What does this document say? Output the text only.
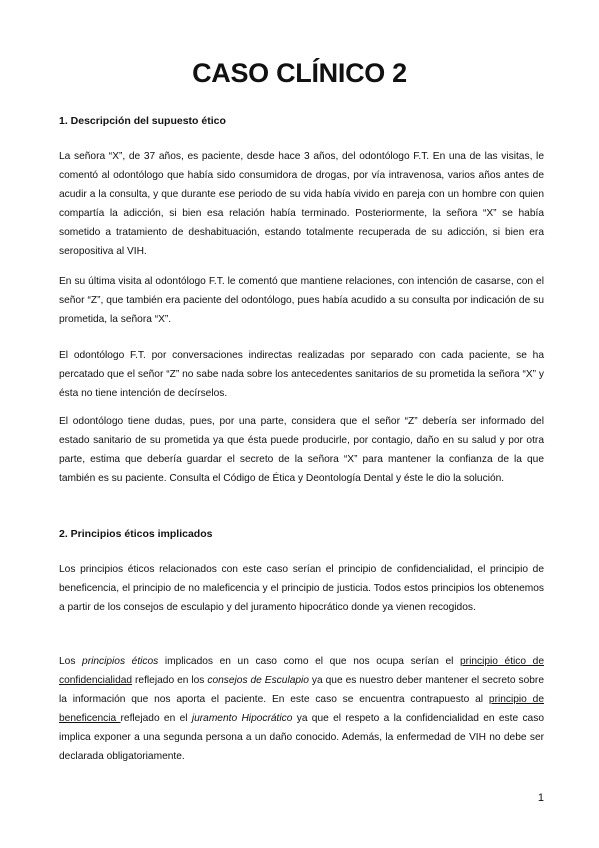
CASO CLÍNICO 2

1. Descripción del supuesto ético

La señora “X”, de 37 años, es paciente, desde hace 3 años, del odontólogo F.T. En una de las visitas, le comentó al odontólogo que había sido consumidora de drogas, por vía intravenosa, varios años antes de acudir a la consulta, y que durante ese periodo de su vida había vivido en pareja con un hombre con quien compartía la adicción, si bien esa relación había terminado. Posteriormente, la señora “X” se había sometido a tratamiento de deshabituación, estando totalmente recuperada de su adicción, si bien era seropositiva al VIH.

En su última visita al odontólogo F.T. le comentó que mantiene relaciones, con intención de casarse, con el señor “Z”, que también era paciente del odontólogo, pues había acudido a su consulta por indicación de su prometida, la señora “X”.

El odontólogo F.T. por conversaciones indirectas realizadas por separado con cada paciente, se ha percatado que el señor “Z” no sabe nada sobre los antecedentes sanitarios de su prometida la señora “X” y ésta no tiene intención de decírselos.

El odontólogo tiene dudas, pues, por una parte, considera que el señor “Z” debería ser informado del estado sanitario de su prometida ya que ésta puede producirle, por contagio, daño en su salud y por otra parte, estima que debería guardar el secreto de la señora “X” para mantener la confianza de la que también es su paciente. Consulta el Código de Ética y Deontología Dental y éste le dio la solución.

2. Principios éticos implicados

Los principios éticos relacionados con este caso serían el principio de confidencialidad, el principio de beneficencia, el principio de no maleficencia y el principio de justicia. Todos estos principios los obtenemos a partir de los consejos de esculapio y del juramento hipocrático donde ya vienen recogidos.

Los principios éticos implicados en un caso como el que nos ocupa serían el principio ético de confidencialidad reflejado en los consejos de Esculapio ya que es nuestro deber mantener el secreto sobre la información que nos aporta el paciente. En este caso se encuentra contrapuesto al principio de beneficencia reflejado en el juramento Hipocrático ya que el respeto a la confidencialidad en este caso implica exponer a una segunda persona a un daño conocido. Además, la enfermedad de VIH no debe ser declarada obligatoriamente.

1
